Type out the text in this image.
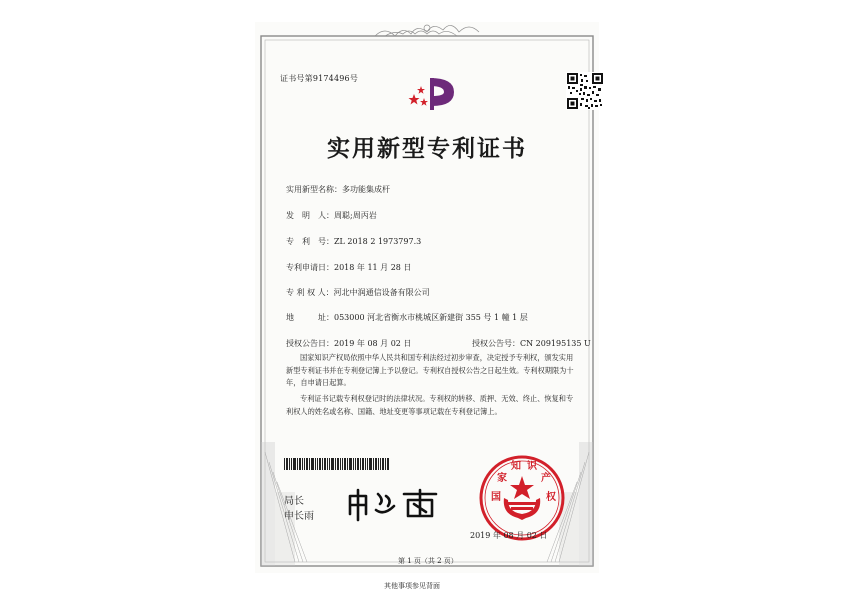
证书号第9174496号
实用新型专利证书
实用新型名称：多功能集成杆
发　明　人：周聪;周丙岩
专　利　号：ZL 2018 2 1973797.3
专利申请日：2018 年 11 月 28 日
专 利 权 人：河北中润通信设备有限公司
地　　　址：053000 河北省衡水市桃城区新建街 355 号 1 幢 1 层
授权公告日：2019 年 08 月 02 日	授权公告号：CN 209195135 U
国家知识产权局依照中华人民共和国专利法经过初步审查，决定授予专利权，颁发实用新型专利证书并在专利登记簿上予以登记。专利权自授权公告之日起生效。专利权期限为十年，自申请日起算。
专利证书记载专利权登记时的法律状况。专利权的转移、质押、无效、终止、恢复和专利权人的姓名或名称、国籍、地址变更等事项记载在专利登记簿上。
局长
申长雨
国
家
知 识
产
权
2019 年 08 月 02 日
第 1 页（共 2 页）
其他事项参见背面
